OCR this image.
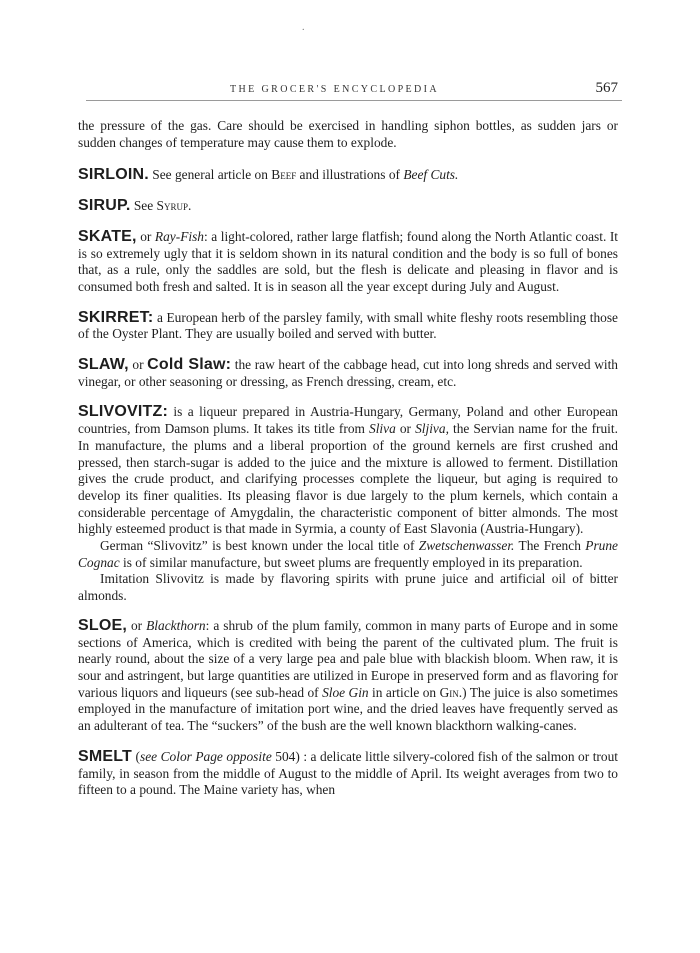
.
THE GROCER'S ENCYCLOPEDIA	567

the pressure of the gas. Care should be exercised in handling siphon bottles, as sudden jars or sudden changes of temperature may cause them to explode.

SIRLOIN. See general article on Beef and illustrations of Beef Cuts.

SIRUP. See Syrup.

SKATE, or Ray-Fish: a light-colored, rather large flatfish; found along the North Atlantic coast. It is so extremely ugly that it is seldom shown in its natural condition and the body is so full of bones that, as a rule, only the saddles are sold, but the flesh is delicate and pleasing in flavor and is consumed both fresh and salted. It is in season all the year except during July and August.

SKIRRET: a European herb of the parsley family, with small white fleshy roots resembling those of the Oyster Plant. They are usually boiled and served with butter.

SLAW, or Cold Slaw: the raw heart of the cabbage head, cut into long shreds and served with vinegar, or other seasoning or dressing, as French dressing, cream, etc.

SLIVOVITZ: is a liqueur prepared in Austria-Hungary, Germany, Poland and other European countries, from Damson plums. It takes its title from Sliva or Sljiva, the Servian name for the fruit. In manufacture, the plums and a liberal proportion of the ground kernels are first crushed and pressed, then starch-sugar is added to the juice and the mixture is allowed to ferment. Distillation gives the crude product, and clarifying processes complete the liqueur, but aging is required to develop its finer qualities. Its pleasing flavor is due largely to the plum kernels, which contain a considerable percentage of Amygdalin, the characteristic component of bitter almonds. The most highly esteemed product is that made in Syrmia, a county of East Slavonia (Austria-Hungary).

German “Slivovitz” is best known under the local title of Zwetschenwasser. The French Prune Cognac is of similar manufacture, but sweet plums are frequently employed in its preparation.

Imitation Slivovitz is made by flavoring spirits with prune juice and artificial oil of bitter almonds.

SLOE, or Blackthorn: a shrub of the plum family, common in many parts of Europe and in some sections of America, which is credited with being the parent of the cultivated plum. The fruit is nearly round, about the size of a very large pea and pale blue with blackish bloom. When raw, it is sour and astringent, but large quantities are utilized in Europe in preserved form and as flavoring for various liquors and liqueurs (see sub-head of Sloe Gin in article on Gin.) The juice is also sometimes employed in the manufacture of imitation port wine, and the dried leaves have frequently served as an adulterant of tea. The “suckers” of the bush are the well known blackthorn walking-canes.

SMELT (see Color Page opposite 504) : a delicate little silvery-colored fish of the salmon or trout family, in season from the middle of August to the middle of April. Its weight averages from two to fifteen to a pound. The Maine variety has, when
